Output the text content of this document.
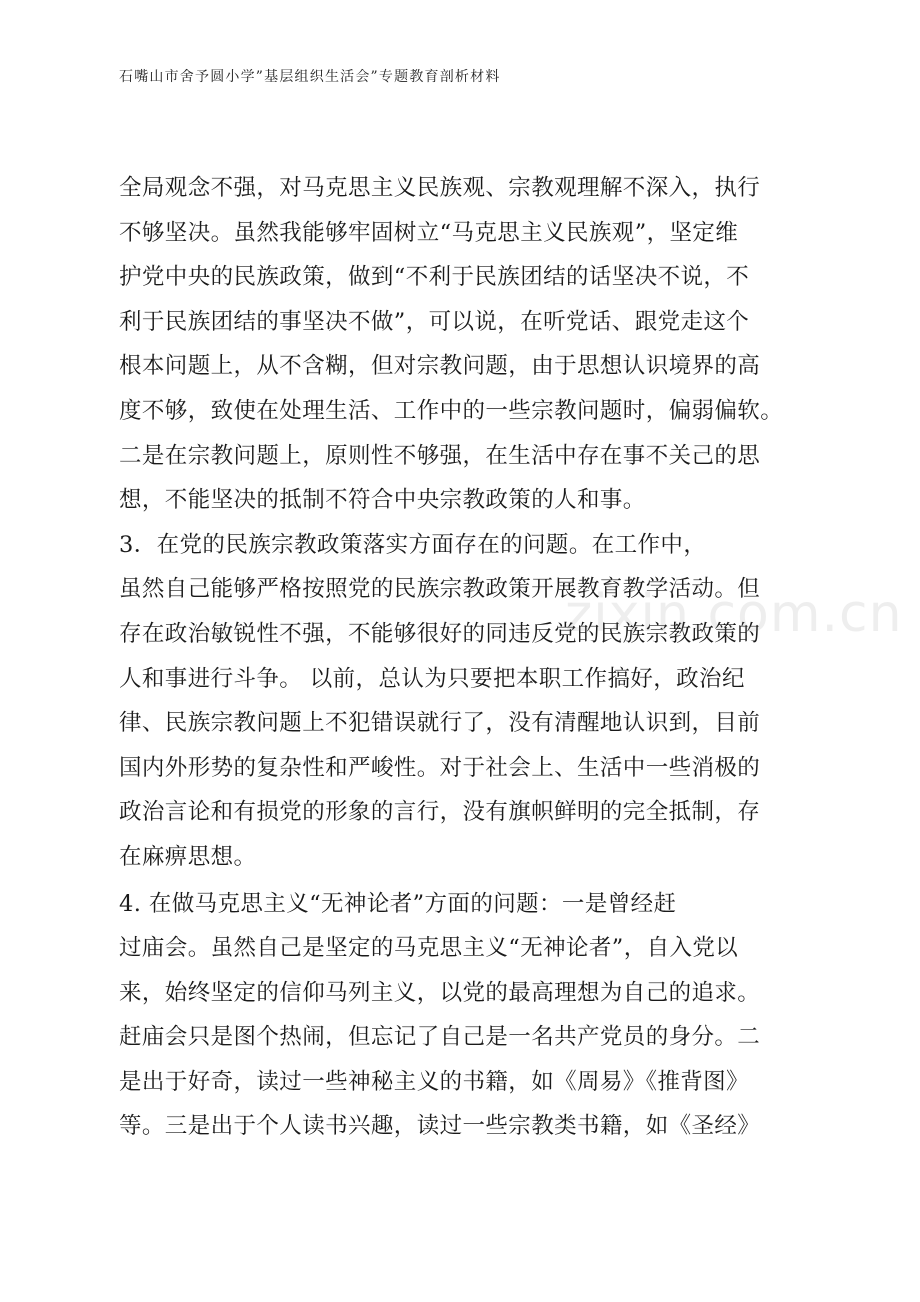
石嘴山市舍予圆小学”基层组织生活会”专题教育剖析材料
全局观念不强，对马克思主义民族观、宗教观理解不深入，执行
不够坚决。虽然我能够牢固树立“马克思主义民族观”，坚定维
护党中央的民族政策，做到“不利于民族团结的话坚决不说，不
利于民族团结的事坚决不做”，可以说，在听党话、跟党走这个
根本问题上，从不含糊，但对宗教问题，由于思想认识境界的高
度不够，致使在处理生活、工作中的一些宗教问题时，偏弱偏软。
二是在宗教问题上，原则性不够强，在生活中存在事不关己的思
想，不能坚决的抵制不符合中央宗教政策的人和事。
3．在党的民族宗教政策落实方面存在的问题。在工作中，
虽然自己能够严格按照党的民族宗教政策开展教育教学活动。但
存在政治敏锐性不强，不能够很好的同违反党的民族宗教政策的
人和事进行斗争。 以前，总认为只要把本职工作搞好，政治纪
律、民族宗教问题上不犯错误就行了，没有清醒地认识到，目前
国内外形势的复杂性和严峻性。对于社会上、生活中一些消极的
政治言论和有损党的形象的言行，没有旗帜鲜明的完全抵制，存
在麻痹思想。
4. 在做马克思主义“无神论者”方面的问题：一是曾经赶
过庙会。虽然自己是坚定的马克思主义“无神论者”，自入党以
来，始终坚定的信仰马列主义，以党的最高理想为自己的追求。
赶庙会只是图个热闹，但忘记了自己是一名共产党员的身分。二
是出于好奇，读过一些神秘主义的书籍，如《周易》《推背图》
等。三是出于个人读书兴趣，读过一些宗教类书籍，如《圣经》
zixin.com.cn
